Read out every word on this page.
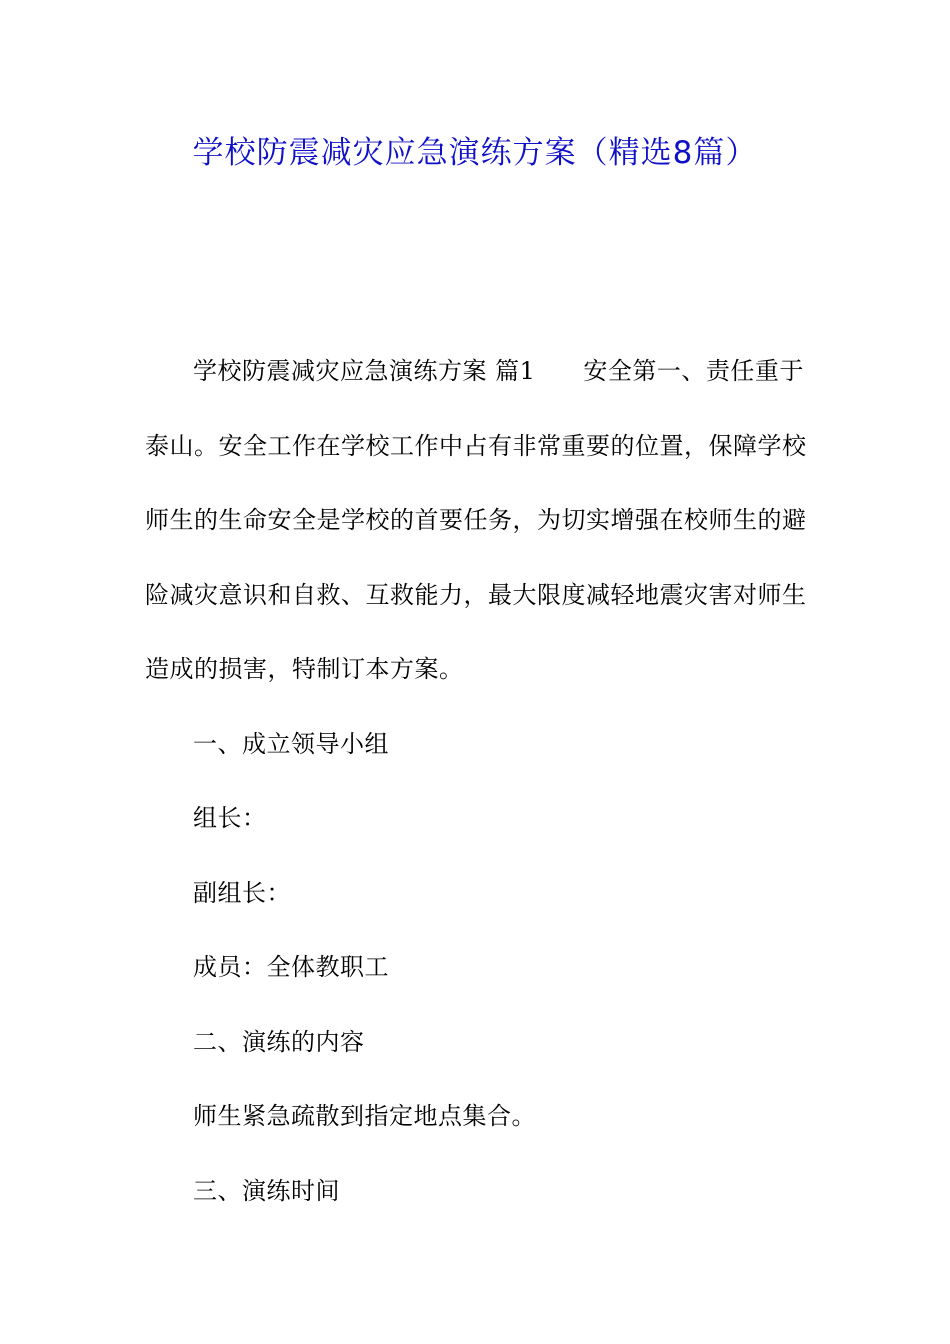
学校防震减灾应急演练方案（精选8篇）

学校防震减灾应急演练方案 篇1 安全第一、责任重于泰山。安全工作在学校工作中占有非常重要的位置，保障学校师生的生命安全是学校的首要任务，为切实增强在校师生的避险减灾意识和自救、互救能力，最大限度减轻地震灾害对师生造成的损害，特制订本方案。

一、成立领导小组

组长：

副组长：

成员：全体教职工

二、演练的内容

师生紧急疏散到指定地点集合。

三、演练时间
